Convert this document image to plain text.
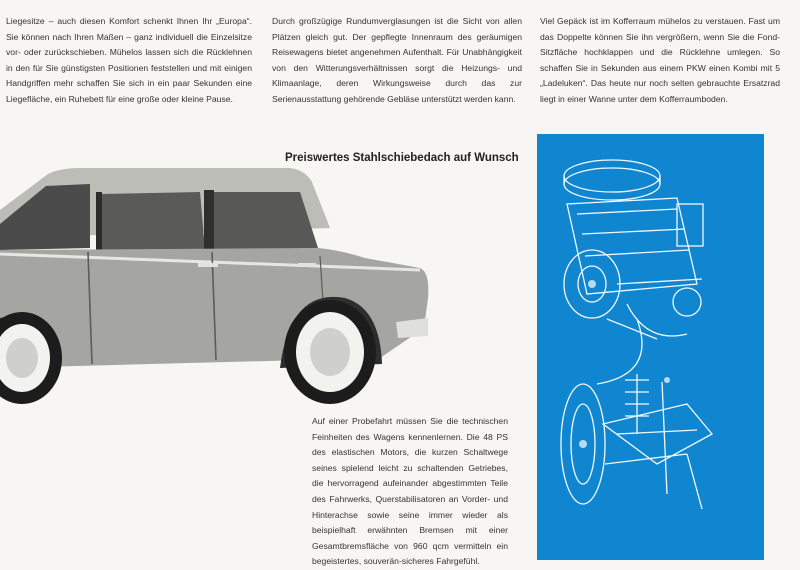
Liegesitze – auch diesen Komfort schenkt Ihnen Ihr „Europa“. Sie können nach Ihren Maßen – ganz individuell die Einzelsitze vor- oder zurückschieben. Mühelos lassen sich die Rücklehnen in den für Sie günstigsten Positionen feststellen und mit einigen Handgriffen mehr schaffen Sie sich in ein paar Sekunden eine Liegefläche, ein Ruhebett für eine große oder kleine Pause.

Durch großzügige Rundumverglasungen ist die Sicht von allen Plätzen gleich gut. Der gepflegte Innenraum des geräumigen Reisewagens bietet angenehmen Aufenthalt. Für Unabhängigkeit von den Witterungsverhältnissen sorgt die Heizungs- und Klimaanlage, deren Wirkungsweise durch das zur Serienausstattung gehörende Gebläse unterstützt werden kann.

Viel Gepäck ist im Kofferraum mühelos zu verstauen. Fast um das Doppelte können Sie ihn vergrößern, wenn Sie die Fond-Sitzfläche hochklappen und die Rücklehne umlegen. So schaffen Sie in Sekunden aus einem PKW einen Kombi mit 5 „Ladeluken“. Das heute nur noch selten gebrauchte Ersatzrad liegt in einer Wanne unter dem Kofferraumboden.

Preiswertes Stahlschiebedach auf Wunsch

Auf einer Probefahrt müssen Sie die technischen Feinheiten des Wagens kennenlernen. Die 48 PS des elastischen Motors, die kurzen Schaltwege seines spielend leicht zu schaltenden Getriebes, die hervorragend aufeinander abgestimmten Teile des Fahrwerks, Querstabilisatoren an Vorder- und Hinterachse sowie seine immer wieder als beispielhaft erwähnten Bremsen mit einer Gesamtbremsfläche von 960 qcm vermitteln ein begeistertes, souverän-sicheres Fahrgefühl.
